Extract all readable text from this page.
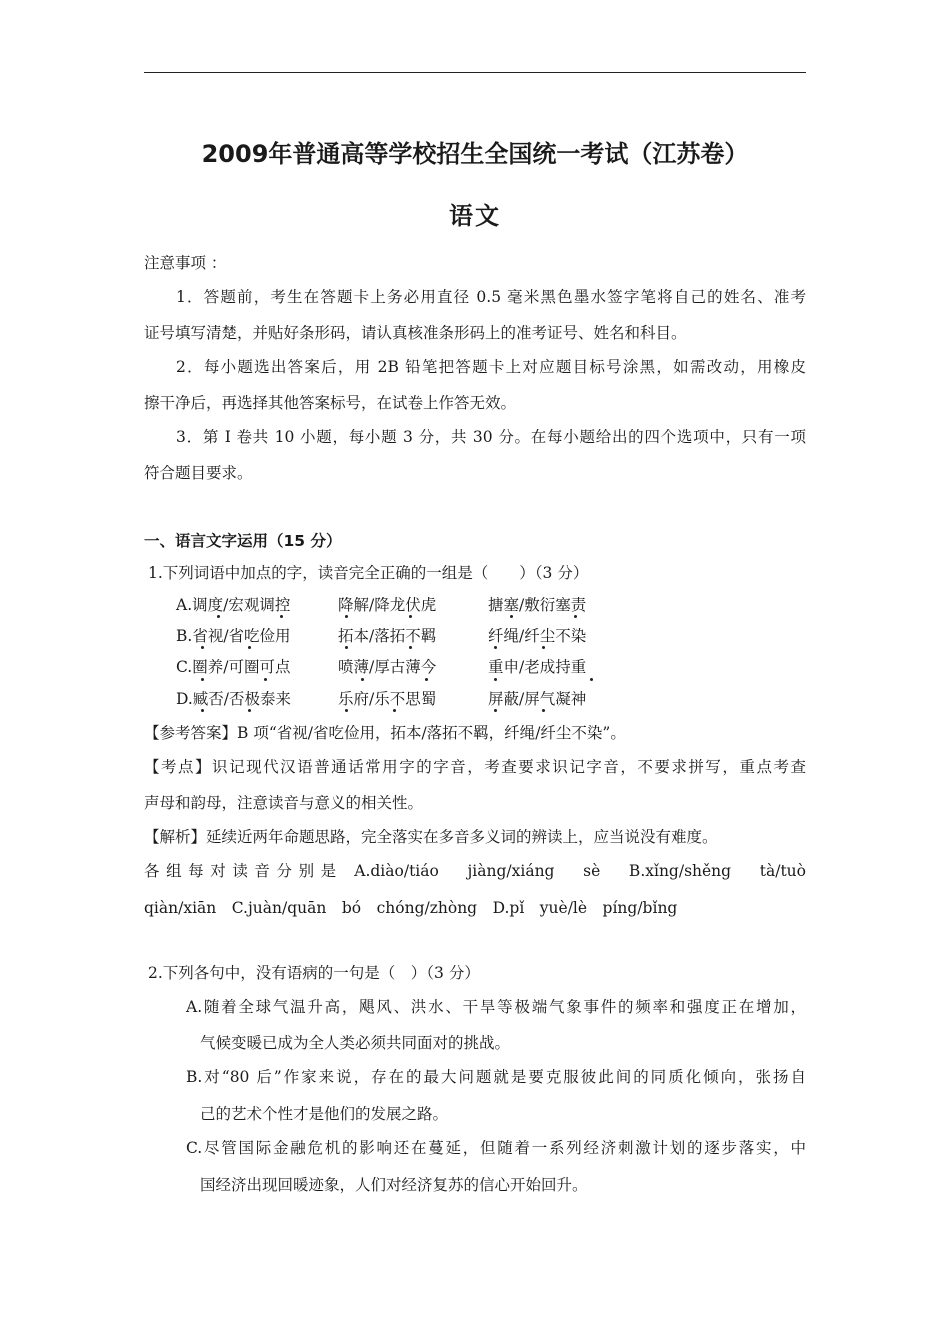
2009年普通高等学校招生全国统一考试（江苏卷）
语文
注意事项 ：
1．答题前，考生在答题卡上务必用直径 0.5 毫米黑色墨水签字笔将自己的姓名、准考
证号填写清楚，并贴好条形码，请认真核准条形码上的准考证号、姓名和科目。
2．每小题选出答案后，用 2B 铅笔把答题卡上对应题目标号涂黑，如需改动，用橡皮
擦干净后，再选择其他答案标号，在试卷上作答无效。
3．第 I 卷共 10 小题，每小题 3 分，共 30 分。在每小题给出的四个选项中，只有一项
符合题目要求。
一、语言文字运用（15 分）
1.下列词语中加点的字，读音完全正确的一组是（　　）（3 分）
A.调度/宏观调控	降解/降龙伏虎	搪塞/敷衍塞责
B.省视/省吃俭用	拓本/落拓不羁	纤绳/纤尘不染
C.圈养/可圈可点	喷薄/厚古薄今	重申/老成持重
D.臧否/否极泰来	乐府/乐不思蜀	屏蔽/屏气凝神
【参考答案】B 项“省视/省吃俭用，拓本/落拓不羁，纤绳/纤尘不染”。
【考点】识记现代汉语普通话常用字的字音，考查要求识记字音，不要求拼写，重点考查
声母和韵母，注意读音与意义的相关性。
【解析】延续近两年命题思路，完全落实在多音多义词的辨读上，应当说没有难度。
各组每对读音分别是 A.diào/tiáo　jiàng/xiáng　sè　B.xǐng/shěng　tà/tuò
qiàn/xiān　C.juàn/quān　bó　chóng/zhòng　D.pǐ　yuè/lè　píng/bǐng
2.下列各句中，没有语病的一句是（　）（3 分）
A.随着全球气温升高，飓风、洪水、干旱等极端气象事件的频率和强度正在增加，
气候变暖已成为全人类必须共同面对的挑战。
B.对“80 后”作家来说，存在的最大问题就是要克服彼此间的同质化倾向，张扬自
己的艺术个性才是他们的发展之路。
C.尽管国际金融危机的影响还在蔓延，但随着一系列经济刺激计划的逐步落实，中
国经济出现回暖迹象，人们对经济复苏的信心开始回升。
